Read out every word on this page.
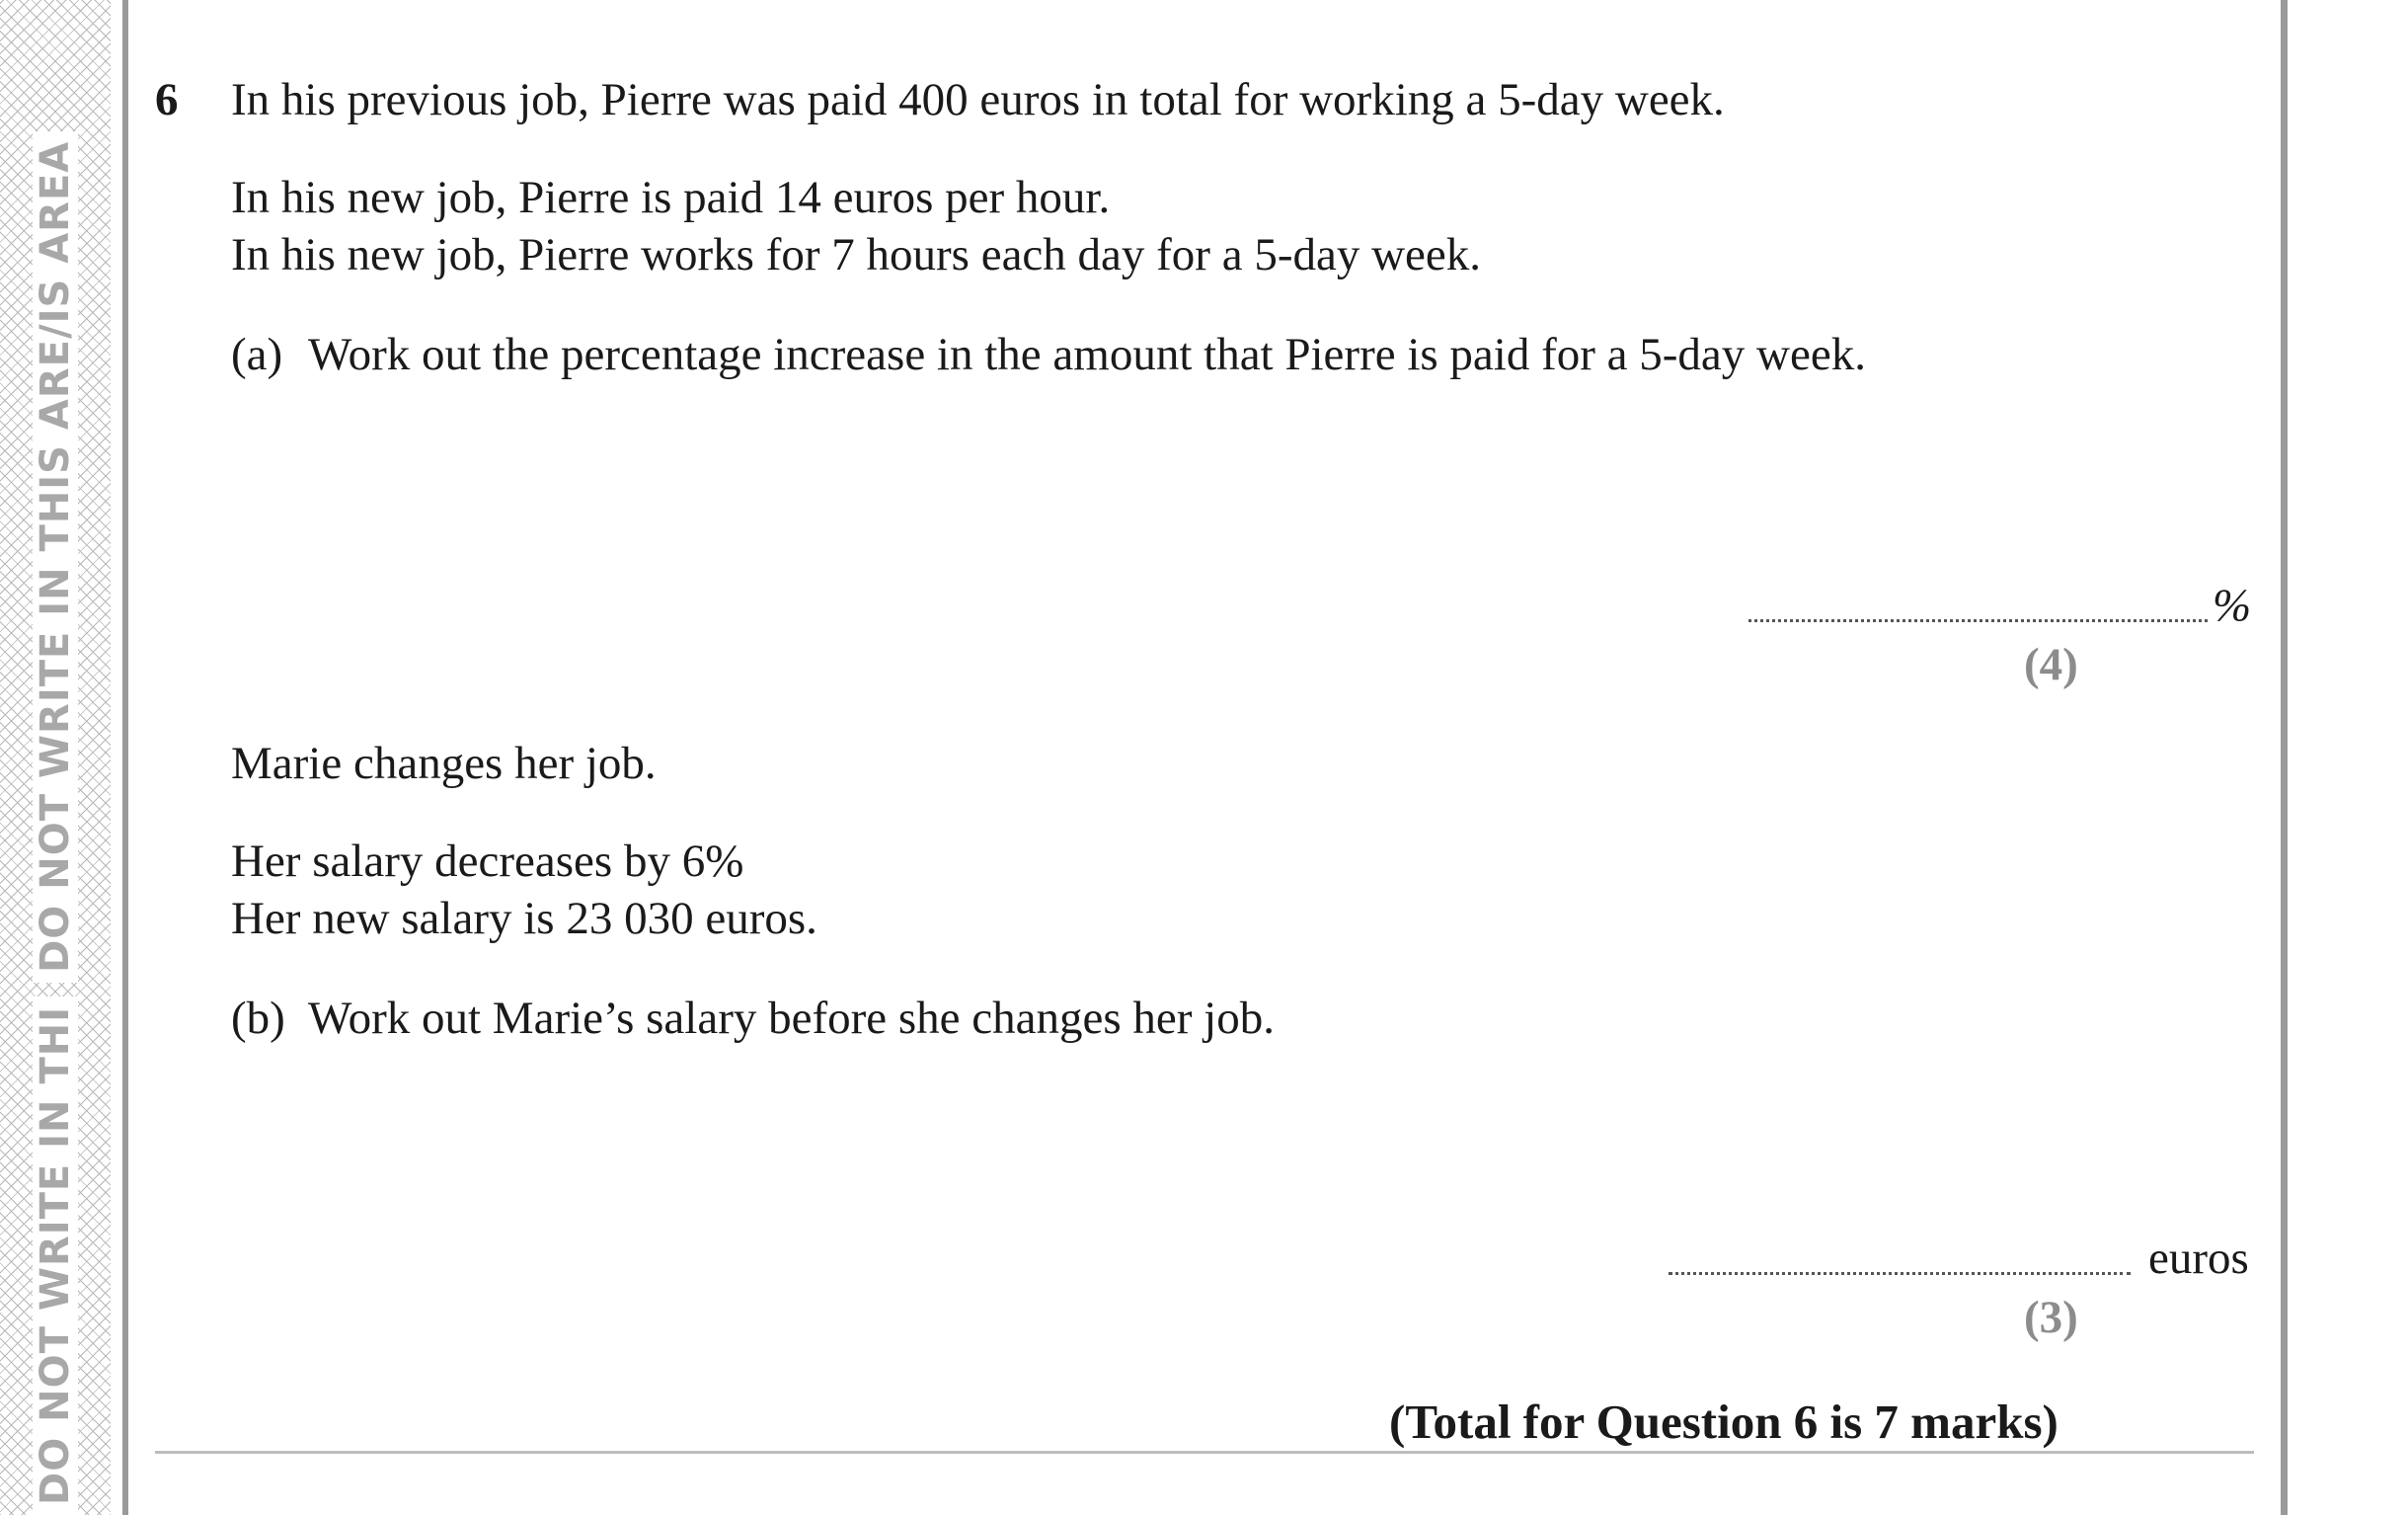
DO NOT WRITE IN THI
DO NOT WRITE IN THIS ARE/IS AREA
6 In his previous job, Pierre was paid 400 euros in total for working a 5-day week.
In his new job, Pierre is paid 14 euros per hour.
In his new job, Pierre works for 7 hours each day for a 5-day week.
(a) Work out the percentage increase in the amount that Pierre is paid for a 5-day week.
%
(4)
Marie changes her job.
Her salary decreases by 6%
Her new salary is 23 030 euros.
(b) Work out Marie’s salary before she changes her job.
euros
(3)
(Total for Question 6 is 7 marks)
